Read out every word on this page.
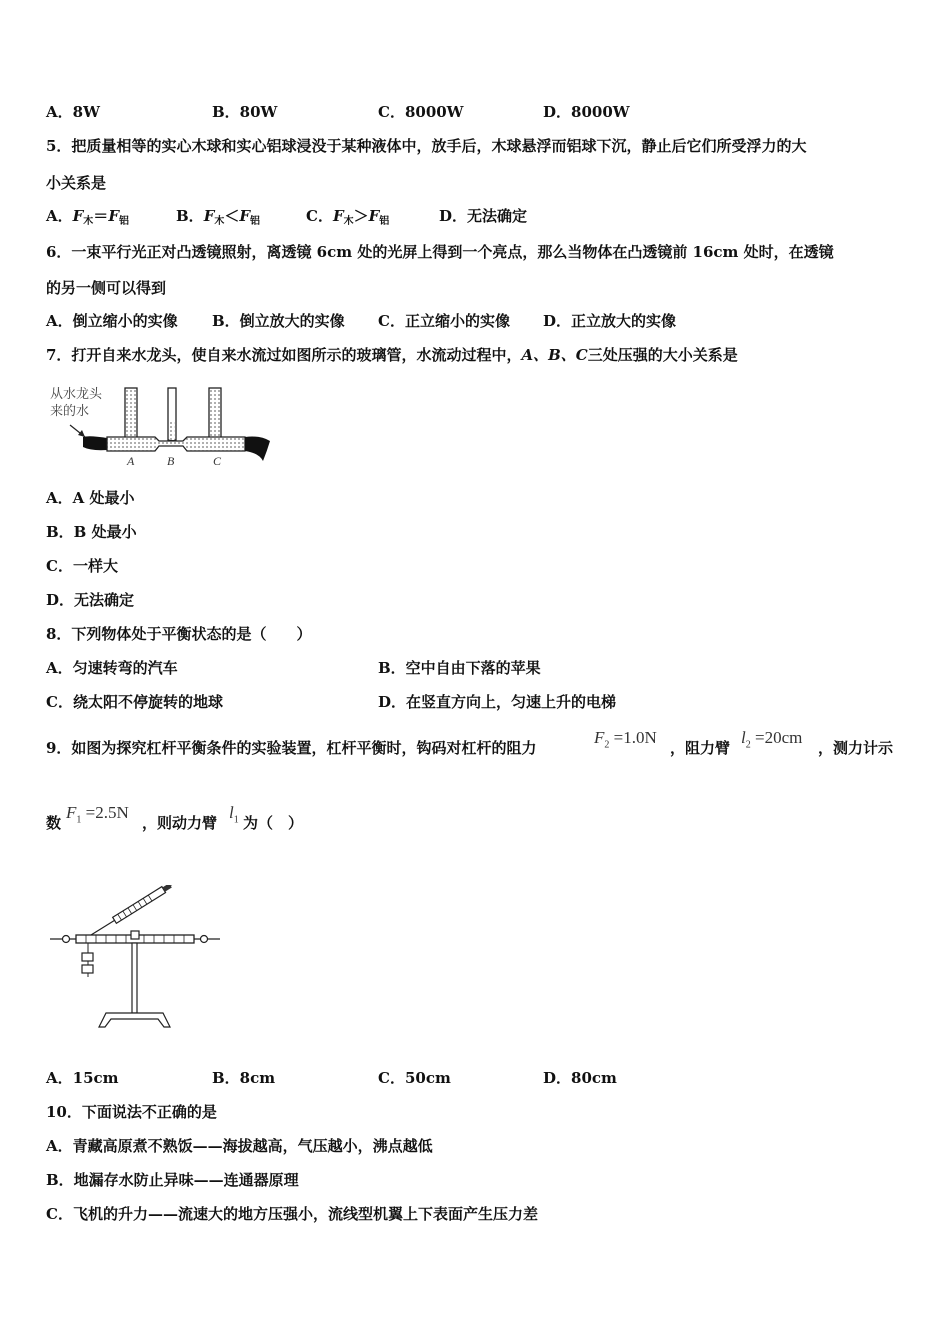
A．8W	B．80W	C．8000W	D．8000W
5．把质量相等的实心木球和实心铝球浸没于某种液体中，放手后，木球悬浮而铝球下沉，静止后它们所受浮力的大
小关系是
A．$F_木=F_铝$	B．$F_木<F_铝$	C．$F_木>F_铝$	D．无法确定
6．一束平行光正对凸透镜照射，离透镜 6cm 处的光屏上得到一个亮点，那么当物体在凸透镜前 16cm 处时，在透镜
的另一侧可以得到
A．倒立缩小的实像 B．倒立放大的实像 C．正立缩小的实像 D．正立放大的实像
7．打开自来水龙头，使自来水流过如图所示的玻璃管，水流动过程中，A、B、C三处压强的大小关系是
从水龙头
来的水
A	B	C
A．A 处最小
B．B 处最小
C．一样大
D．无法确定
8．下列物体处于平衡状态的是（　　）
A．匀速转弯的汽车	B．空中自由下落的苹果
C．绕太阳不停旋转的地球	D．在竖直方向上，匀速上升的电梯
9．如图为探究杠杆平衡条件的实验装置，杠杆平衡时，钩码对杠杆的阻力
$F_2 =1.0N$
，阻力臂
$l_2 =20cm$
，测力计示
数
$F_1 =2.5N$
，则动力臂
$l_1$ 为（　）
A．15cm	B．8cm	C．50cm	D．80cm
10．下面说法不正确的是
A．青藏高原煮不熟饭——海拔越高，气压越小，沸点越低
B．地漏存水防止异味——连通器原理
C．飞机的升力——流速大的地方压强小，流线型机翼上下表面产生压力差
